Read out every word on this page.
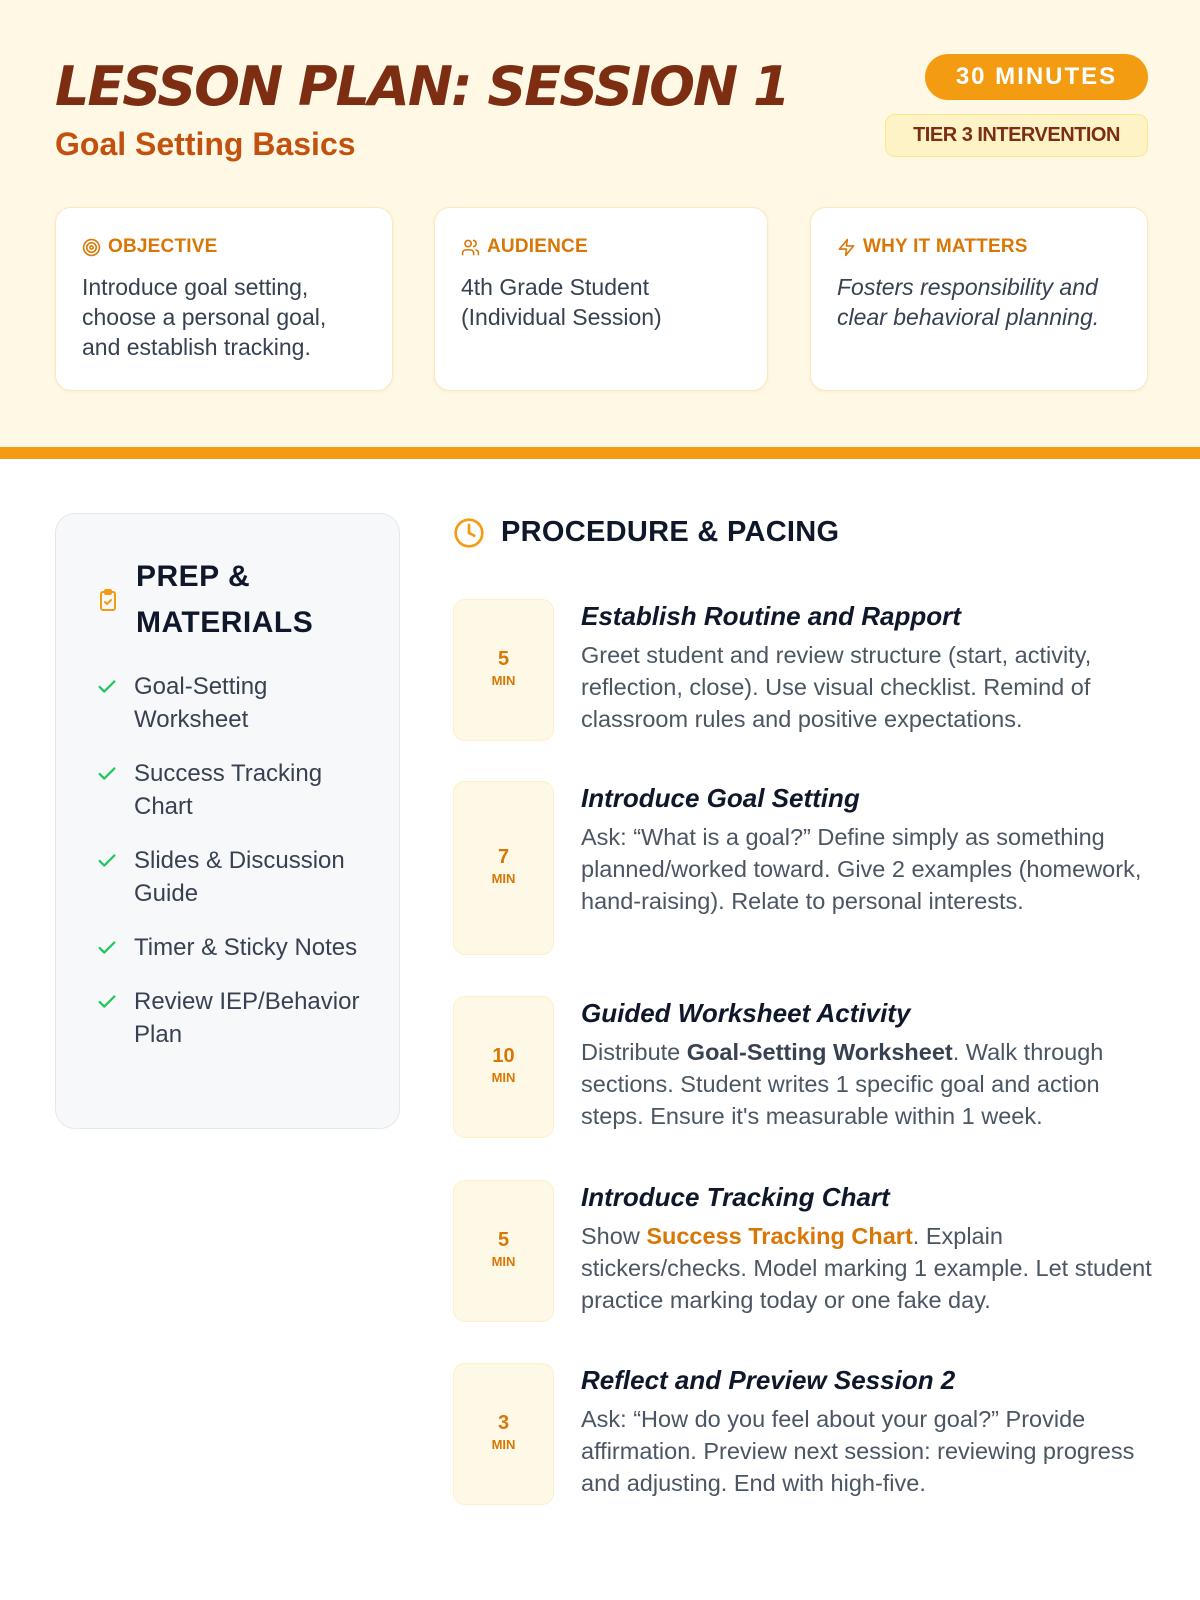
LESSON PLAN: SESSION 1
Goal Setting Basics
30 MINUTES
TIER 3 INTERVENTION
OBJECTIVE

Introduce goal setting, choose a personal goal, and establish tracking.

AUDIENCE

4th Grade Student (Individual Session)

WHY IT MATTERS

Fosters responsibility and clear behavioral planning.

PREP & MATERIALS
Goal-Setting Worksheet
Success Tracking Chart
Slides & Discussion Guide
Timer & Sticky Notes
Review IEP/Behavior Plan
PROCEDURE & PACING
5
MIN
Establish Routine and Rapport

Greet student and review structure (start, activity, reflection, close). Use visual checklist. Remind of classroom rules and positive expectations.

7
MIN
Introduce Goal Setting

Ask: “What is a goal?” Define simply as something planned/worked toward. Give 2 examples (homework, hand-raising). Relate to personal interests.

10
MIN
Guided Worksheet Activity

Distribute Goal-Setting Worksheet. Walk through sections. Student writes 1 specific goal and action steps. Ensure it's measurable within 1 week.

5
MIN
Introduce Tracking Chart

Show Success Tracking Chart. Explain stickers/checks. Model marking 1 example. Let student practice marking today or one fake day.

3
MIN
Reflect and Preview Session 2

Ask: “How do you feel about your goal?” Provide affirmation. Preview next session: reviewing progress and adjusting. End with high-five.
